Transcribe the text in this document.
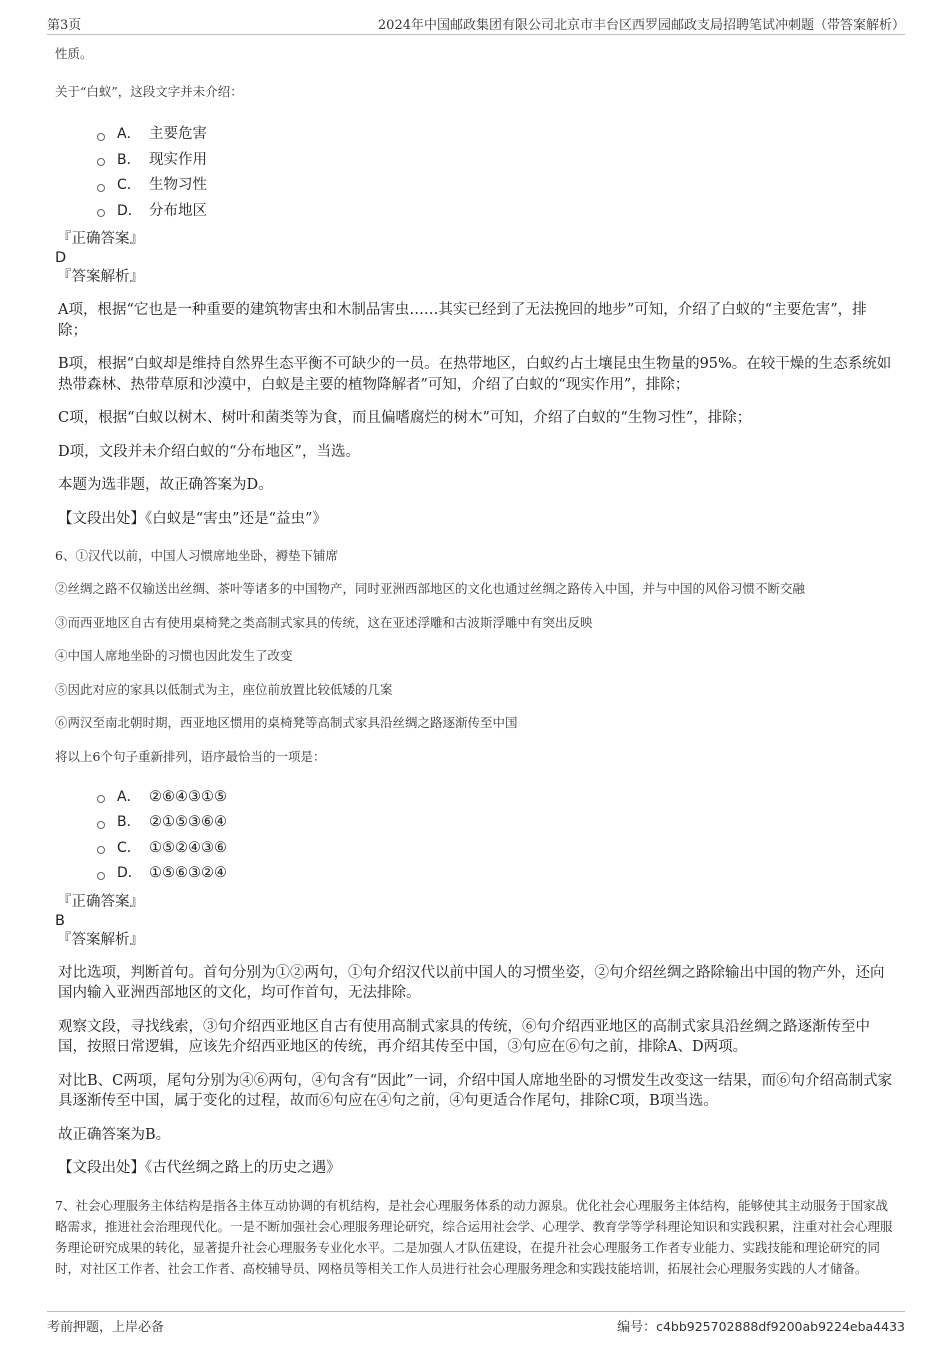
第3页	2024年中国邮政集团有限公司北京市丰台区西罗园邮政支局招聘笔试冲刺题（带答案解析）

性质。

关于“白蚁”，这段文字并未介绍：

A． 主要危害
B． 现实作用
C． 生物习性
D． 分布地区
『正确答案』
D
『答案解析』

A项，根据“它也是一种重要的建筑物害虫和木制品害虫……其实已经到了无法挽回的地步”可知，介绍了白蚁的“主要危害”，排除；

B项，根据“白蚁却是维持自然界生态平衡不可缺少的一员。在热带地区，白蚁约占土壤昆虫生物量的95%。在较干燥的生态系统如热带森林、热带草原和沙漠中，白蚁是主要的植物降解者”可知，介绍了白蚁的“现实作用”，排除；

C项，根据“白蚁以树木、树叶和菌类等为食，而且偏嗜腐烂的树木”可知，介绍了白蚁的“生物习性”，排除；

D项，文段并未介绍白蚁的“分布地区”，当选。

本题为选非题，故正确答案为D。

【文段出处】《白蚁是“害虫”还是“益虫”》

6、①汉代以前，中国人习惯席地坐卧，褥垫下铺席

②丝绸之路不仅输送出丝绸、茶叶等诸多的中国物产，同时亚洲西部地区的文化也通过丝绸之路传入中国，并与中国的风俗习惯不断交融

③而西亚地区自古有使用桌椅凳之类高制式家具的传统，这在亚述浮雕和古波斯浮雕中有突出反映

④中国人席地坐卧的习惯也因此发生了改变

⑤因此对应的家具以低制式为主，座位前放置比较低矮的几案

⑥两汉至南北朝时期，西亚地区惯用的桌椅凳等高制式家具沿丝绸之路逐渐传至中国

将以上6个句子重新排列，语序最恰当的一项是：

A． ②⑥④③①⑤
B． ②①⑤③⑥④
C． ①⑤②④③⑥
D． ①⑤⑥③②④
『正确答案』
B
『答案解析』

对比选项，判断首句。首句分别为①②两句，①句介绍汉代以前中国人的习惯坐姿，②句介绍丝绸之路除输出中国的物产外，还向国内输入亚洲西部地区的文化，均可作首句，无法排除。

观察文段，寻找线索，③句介绍西亚地区自古有使用高制式家具的传统，⑥句介绍西亚地区的高制式家具沿丝绸之路逐渐传至中国，按照日常逻辑，应该先介绍西亚地区的传统，再介绍其传至中国，③句应在⑥句之前，排除A、D两项。

对比B、C两项，尾句分别为④⑥两句，④句含有“因此”一词，介绍中国人席地坐卧的习惯发生改变这一结果，而⑥句介绍高制式家具逐渐传至中国，属于变化的过程，故而⑥句应在④句之前，④句更适合作尾句，排除C项，B项当选。

故正确答案为B。

【文段出处】《古代丝绸之路上的历史之遇》

7、社会心理服务主体结构是指各主体互动协调的有机结构，是社会心理服务体系的动力源泉。优化社会心理服务主体结构，能够使其主动服务于国家战略需求，推进社会治理现代化。一是不断加强社会心理服务理论研究，综合运用社会学、心理学、教育学等学科理论知识和实践积累，注重对社会心理服务理论研究成果的转化，显著提升社会心理服务专业化水平。二是加强人才队伍建设，在提升社会心理服务工作者专业能力、实践技能和理论研究的同时，对社区工作者、社会工作者、高校辅导员、网格员等相关工作人员进行社会心理服务理念和实践技能培训，拓展社会心理服务实践的人才储备。

考前押题，上岸必备	编号：c4bb925702888df9200ab9224eba4433
